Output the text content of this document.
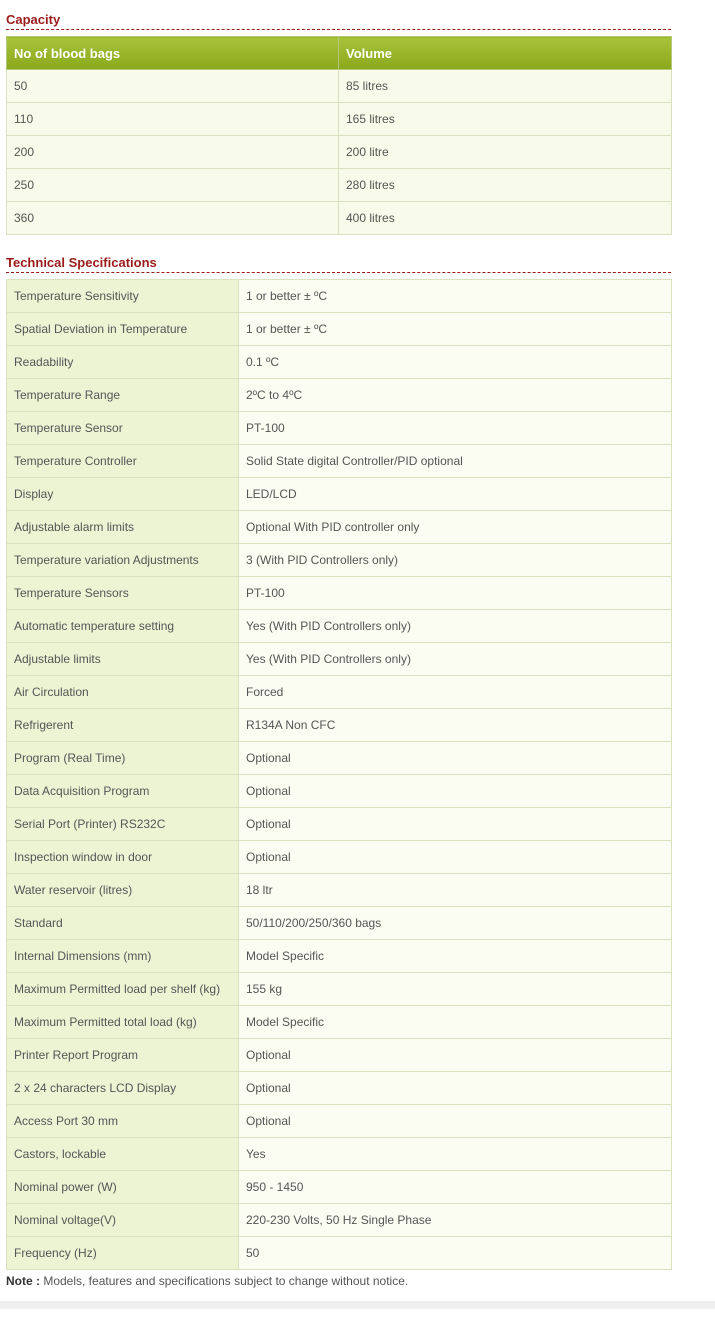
Capacity
No of blood bags	Volume
50	85 litres
110	165 litres
200	200 litre
250	280 litres
360	400 litres
Technical Specifications
Temperature Sensitivity	1 or better ± ºC
Spatial Deviation in Temperature	1 or better ± ºC
Readability	0.1 ºC
Temperature Range	2ºC to 4ºC
Temperature Sensor	PT-100
Temperature Controller	Solid State digital Controller/PID optional
Display	LED/LCD
Adjustable alarm limits	Optional With PID controller only
Temperature variation Adjustments	3 (With PID Controllers only)
Temperature Sensors	PT-100
Automatic temperature setting	Yes (With PID Controllers only)
Adjustable limits	Yes (With PID Controllers only)
Air Circulation	Forced
Refrigerent	R134A Non CFC
Program (Real Time)	Optional
Data Acquisition Program	Optional
Serial Port (Printer) RS232C	Optional
Inspection window in door	Optional
Water reservoir (litres)	18 ltr
Standard	50/110/200/250/360 bags
Internal Dimensions (mm)	Model Specific
Maximum Permitted load per shelf (kg)	155 kg
Maximum Permitted total load (kg)	Model Specific
Printer Report Program	Optional
2 x 24 characters LCD Display	Optional
Access Port 30 mm	Optional
Castors, lockable	Yes
Nominal power (W)	950 - 1450
Nominal voltage(V)	220-230 Volts, 50 Hz Single Phase
Frequency (Hz)	50
Note : Models, features and specifications subject to change without notice.
